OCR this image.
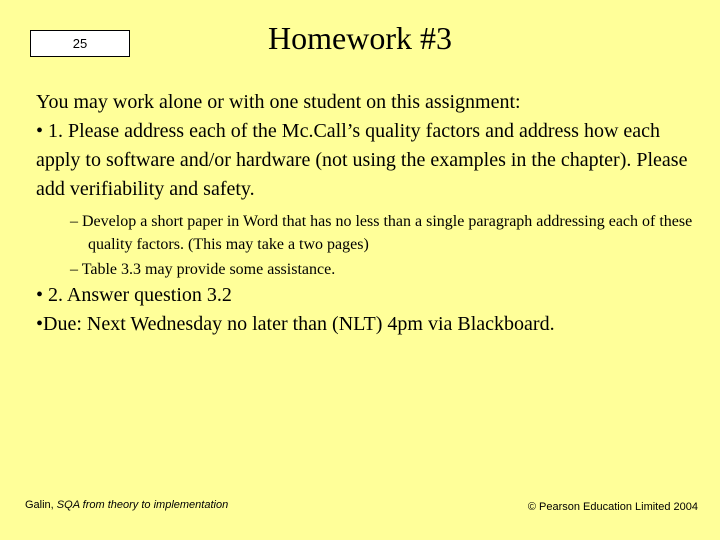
25	Homework #3

You may work alone or with one student on this assignment:

• 1. Please address each of the Mc.Call’s quality factors and address how each apply to software and/or hardware (not using the examples in the chapter). Please add verifiability and safety.

– Develop a short paper in Word that has no less than a single paragraph addressing each of these quality factors. (This may take a two pages)
– Table 3.3 may provide some assistance.

• 2. Answer question 3.2

•Due: Next Wednesday no later than (NLT) 4pm via Blackboard.

Galin, SQA from theory to implementation	© Pearson Education Limited 2004
